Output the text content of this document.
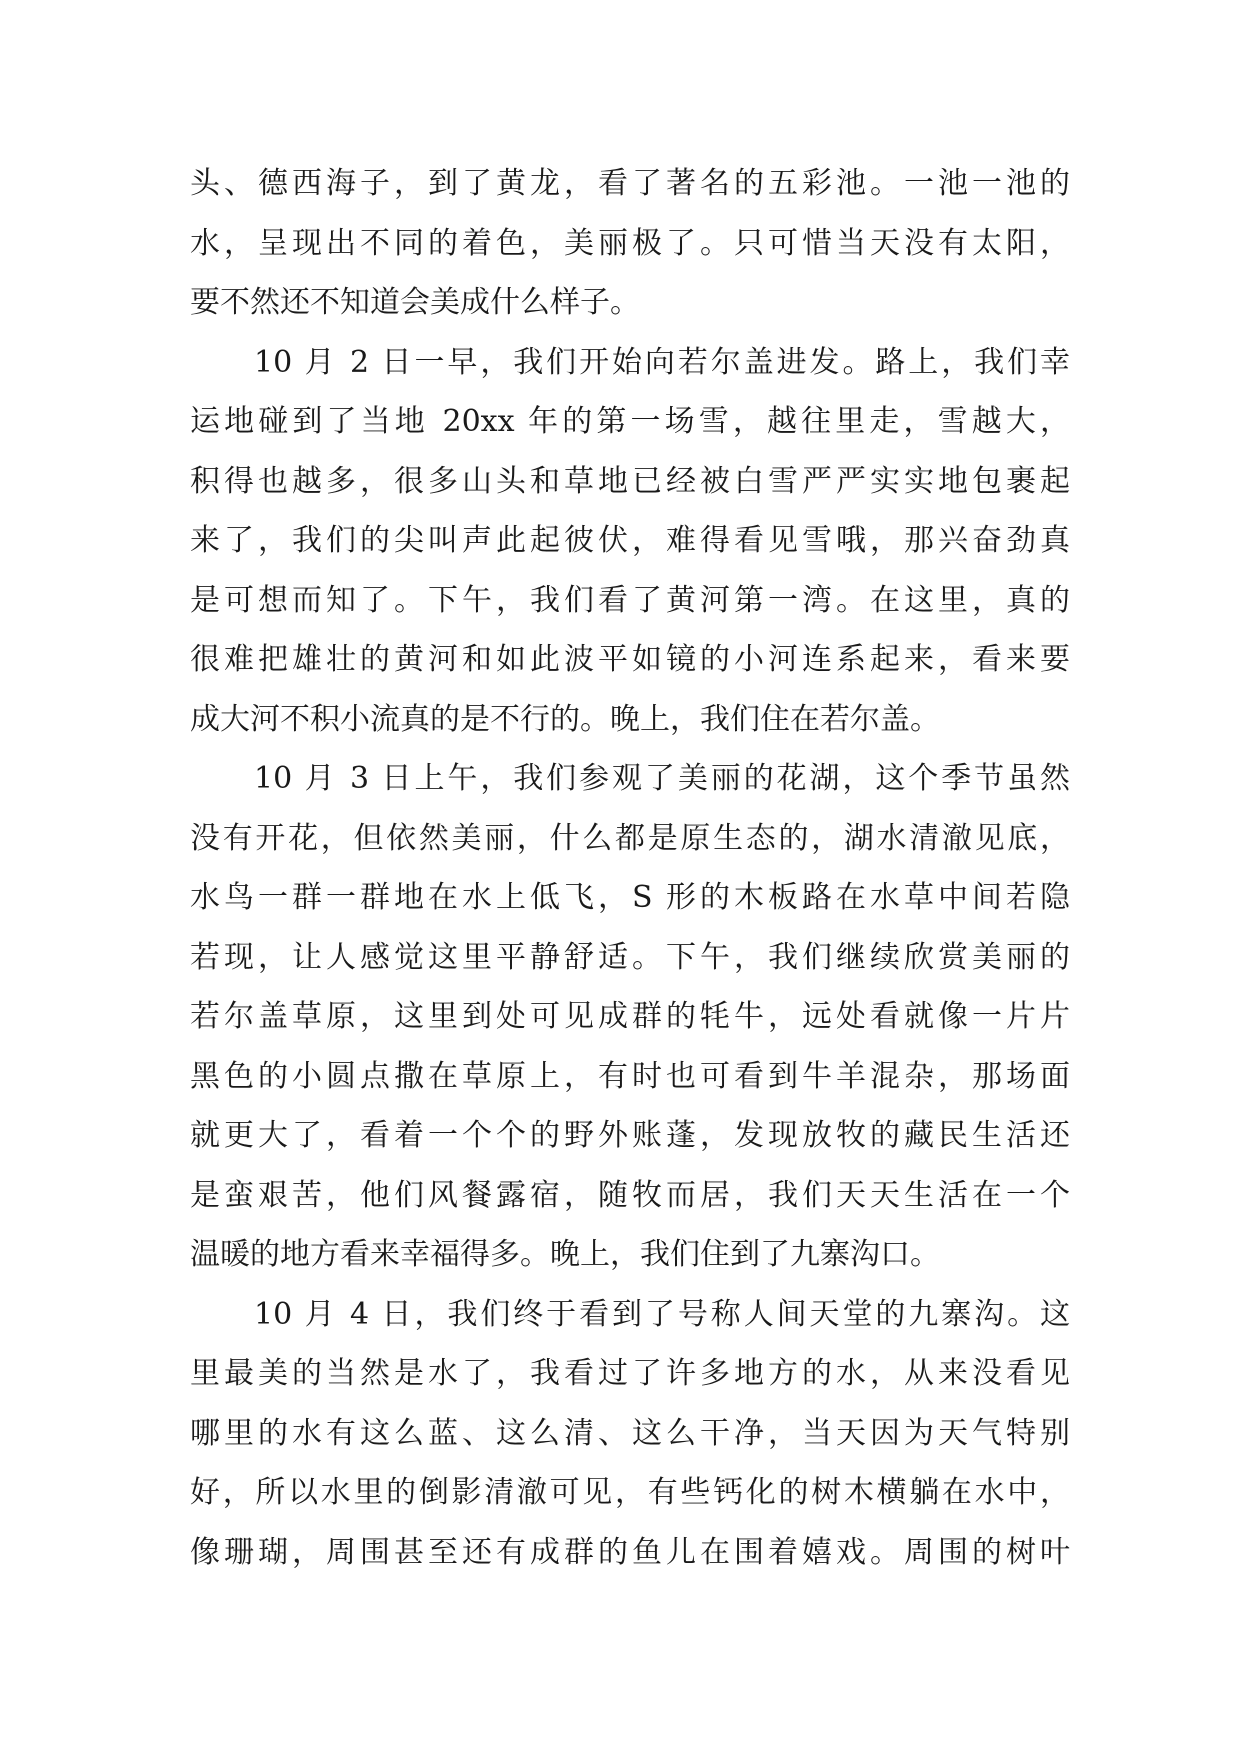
头、德西海子，到了黄龙，看了著名的五彩池。一池一池的
水，呈现出不同的着色，美丽极了。只可惜当天没有太阳，
要不然还不知道会美成什么样子。
10 月 2 日一早，我们开始向若尔盖进发。路上，我们幸
运地碰到了当地 20xx 年的第一场雪，越往里走，雪越大，
积得也越多，很多山头和草地已经被白雪严严实实地包裹起
来了，我们的尖叫声此起彼伏，难得看见雪哦，那兴奋劲真
是可想而知了。下午，我们看了黄河第一湾。在这里，真的
很难把雄壮的黄河和如此波平如镜的小河连系起来，看来要
成大河不积小流真的是不行的。晚上，我们住在若尔盖。
10 月 3 日上午，我们参观了美丽的花湖，这个季节虽然
没有开花，但依然美丽，什么都是原生态的，湖水清澈见底，
水鸟一群一群地在水上低飞，S 形的木板路在水草中间若隐
若现，让人感觉这里平静舒适。下午，我们继续欣赏美丽的
若尔盖草原，这里到处可见成群的牦牛，远处看就像一片片
黑色的小圆点撒在草原上，有时也可看到牛羊混杂，那场面
就更大了，看着一个个的野外账蓬，发现放牧的藏民生活还
是蛮艰苦，他们风餐露宿，随牧而居，我们天天生活在一个
温暖的地方看来幸福得多。晚上，我们住到了九寨沟口。
10 月 4 日，我们终于看到了号称人间天堂的九寨沟。这
里最美的当然是水了，我看过了许多地方的水，从来没看见
哪里的水有这么蓝、这么清、这么干净，当天因为天气特别
好，所以水里的倒影清澈可见，有些钙化的树木横躺在水中，
像珊瑚，周围甚至还有成群的鱼儿在围着嬉戏。周围的树叶
